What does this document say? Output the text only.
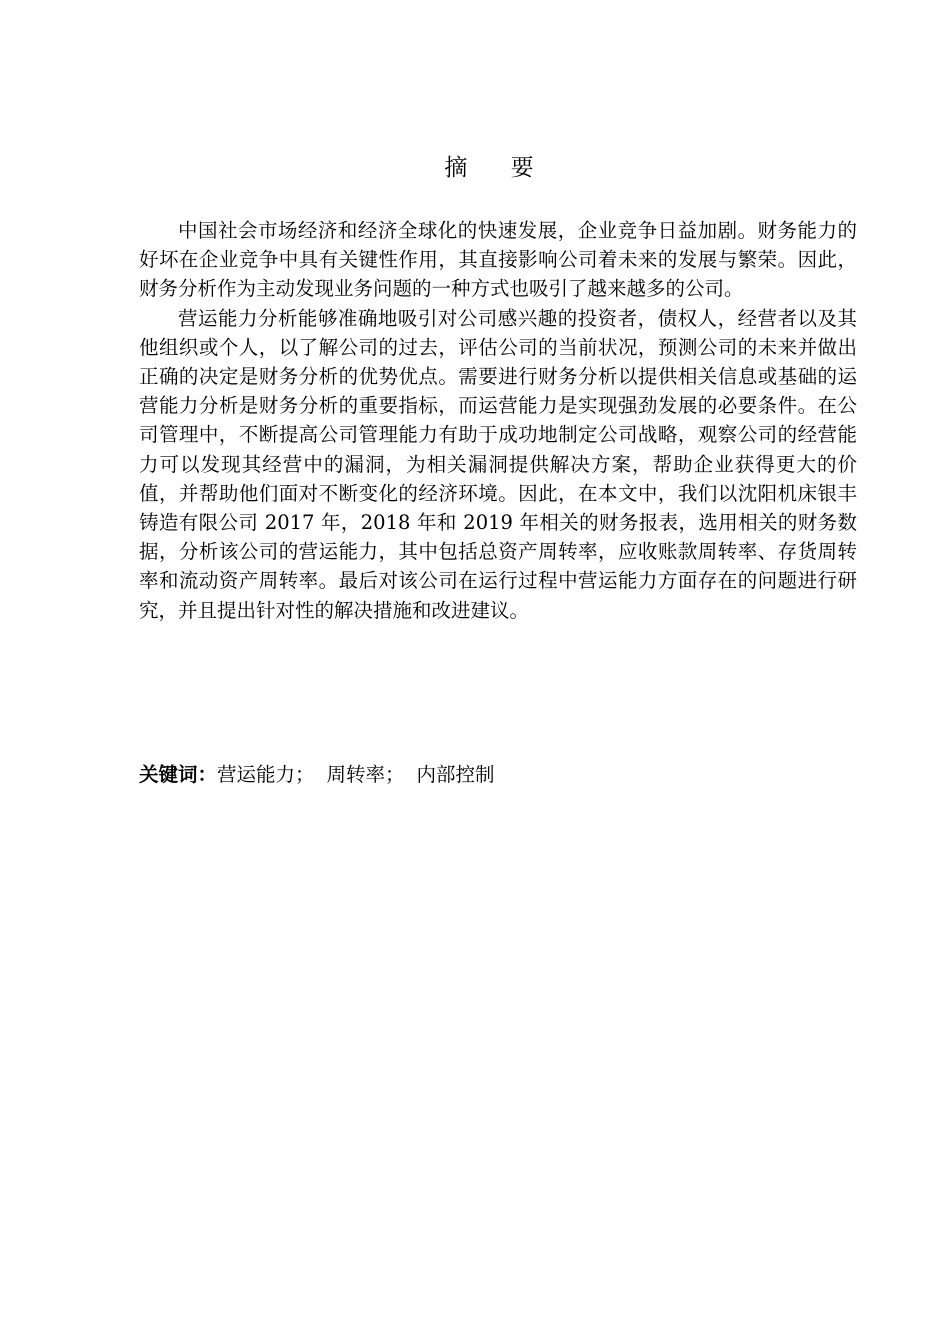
摘 要

中国社会市场经济和经济全球化的快速发展，企业竞争日益加剧。财务能力的好坏在企业竞争中具有关键性作用，其直接影响公司着未来的发展与繁荣。因此，财务分析作为主动发现业务问题的一种方式也吸引了越来越多的公司。

营运能力分析能够准确地吸引对公司感兴趣的投资者，债权人，经营者以及其他组织或个人，以了解公司的过去，评估公司的当前状况，预测公司的未来并做出正确的决定是财务分析的优势优点。需要进行财务分析以提供相关信息或基础的运营能力分析是财务分析的重要指标，而运营能力是实现强劲发展的必要条件。在公司管理中，不断提高公司管理能力有助于成功地制定公司战略，观察公司的经营能力可以发现其经营中的漏洞，为相关漏洞提供解决方案，帮助企业获得更大的价值，并帮助他们面对不断变化的经济环境。因此，在本文中，我们以沈阳机床银丰铸造有限公司 2017 年，2018 年和 2019 年相关的财务报表，选用相关的财务数据，分析该公司的营运能力，其中包括总资产周转率，应收账款周转率、存货周转率和流动资产周转率。最后对该公司在运行过程中营运能力方面存在的问题进行研究，并且提出针对性的解决措施和改进建议。

关键词：营运能力； 周转率； 内部控制
